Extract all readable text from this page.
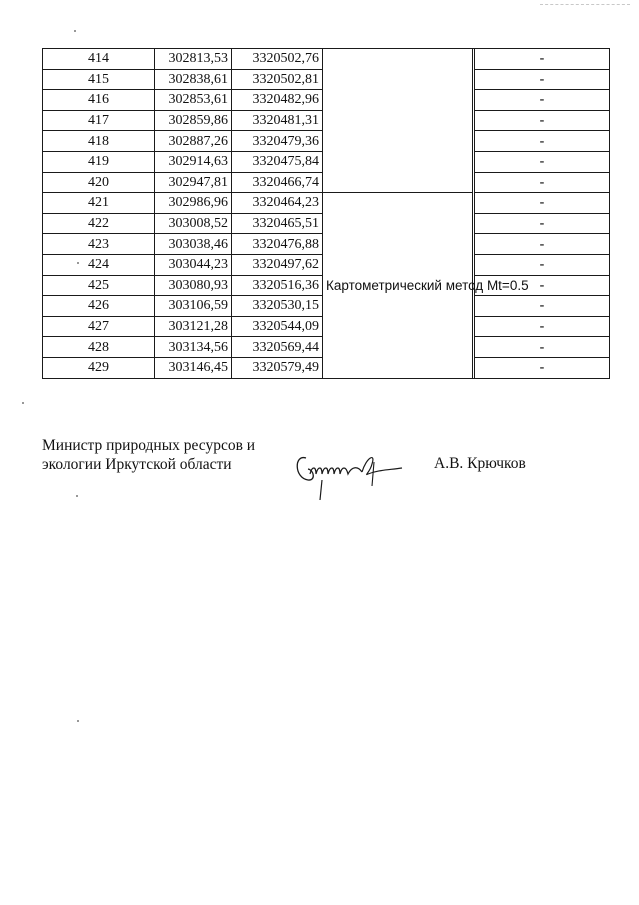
414	302813,53	3320502,76			-
415	302838,61	3320502,81			-
416	302853,61	3320482,96			-
417	302859,86	3320481,31			-
418	302887,26	3320479,36			-
419	302914,63	3320475,84			-
420	302947,81	3320466,74			-
421	302986,96	3320464,23	Картометрический метод Mt=0.5		-
422	303008,52	3320465,51			-
423	303038,46	3320476,88			-
424	303044,23	3320497,62			-
425	303080,93	3320516,36			-
426	303106,59	3320530,15			-
427	303121,28	3320544,09			-
428	303134,56	3320569,44			-
429	303146,45	3320579,49			-
Министр природных ресурсов и
экологии Иркутской области	А.В. Крючков
